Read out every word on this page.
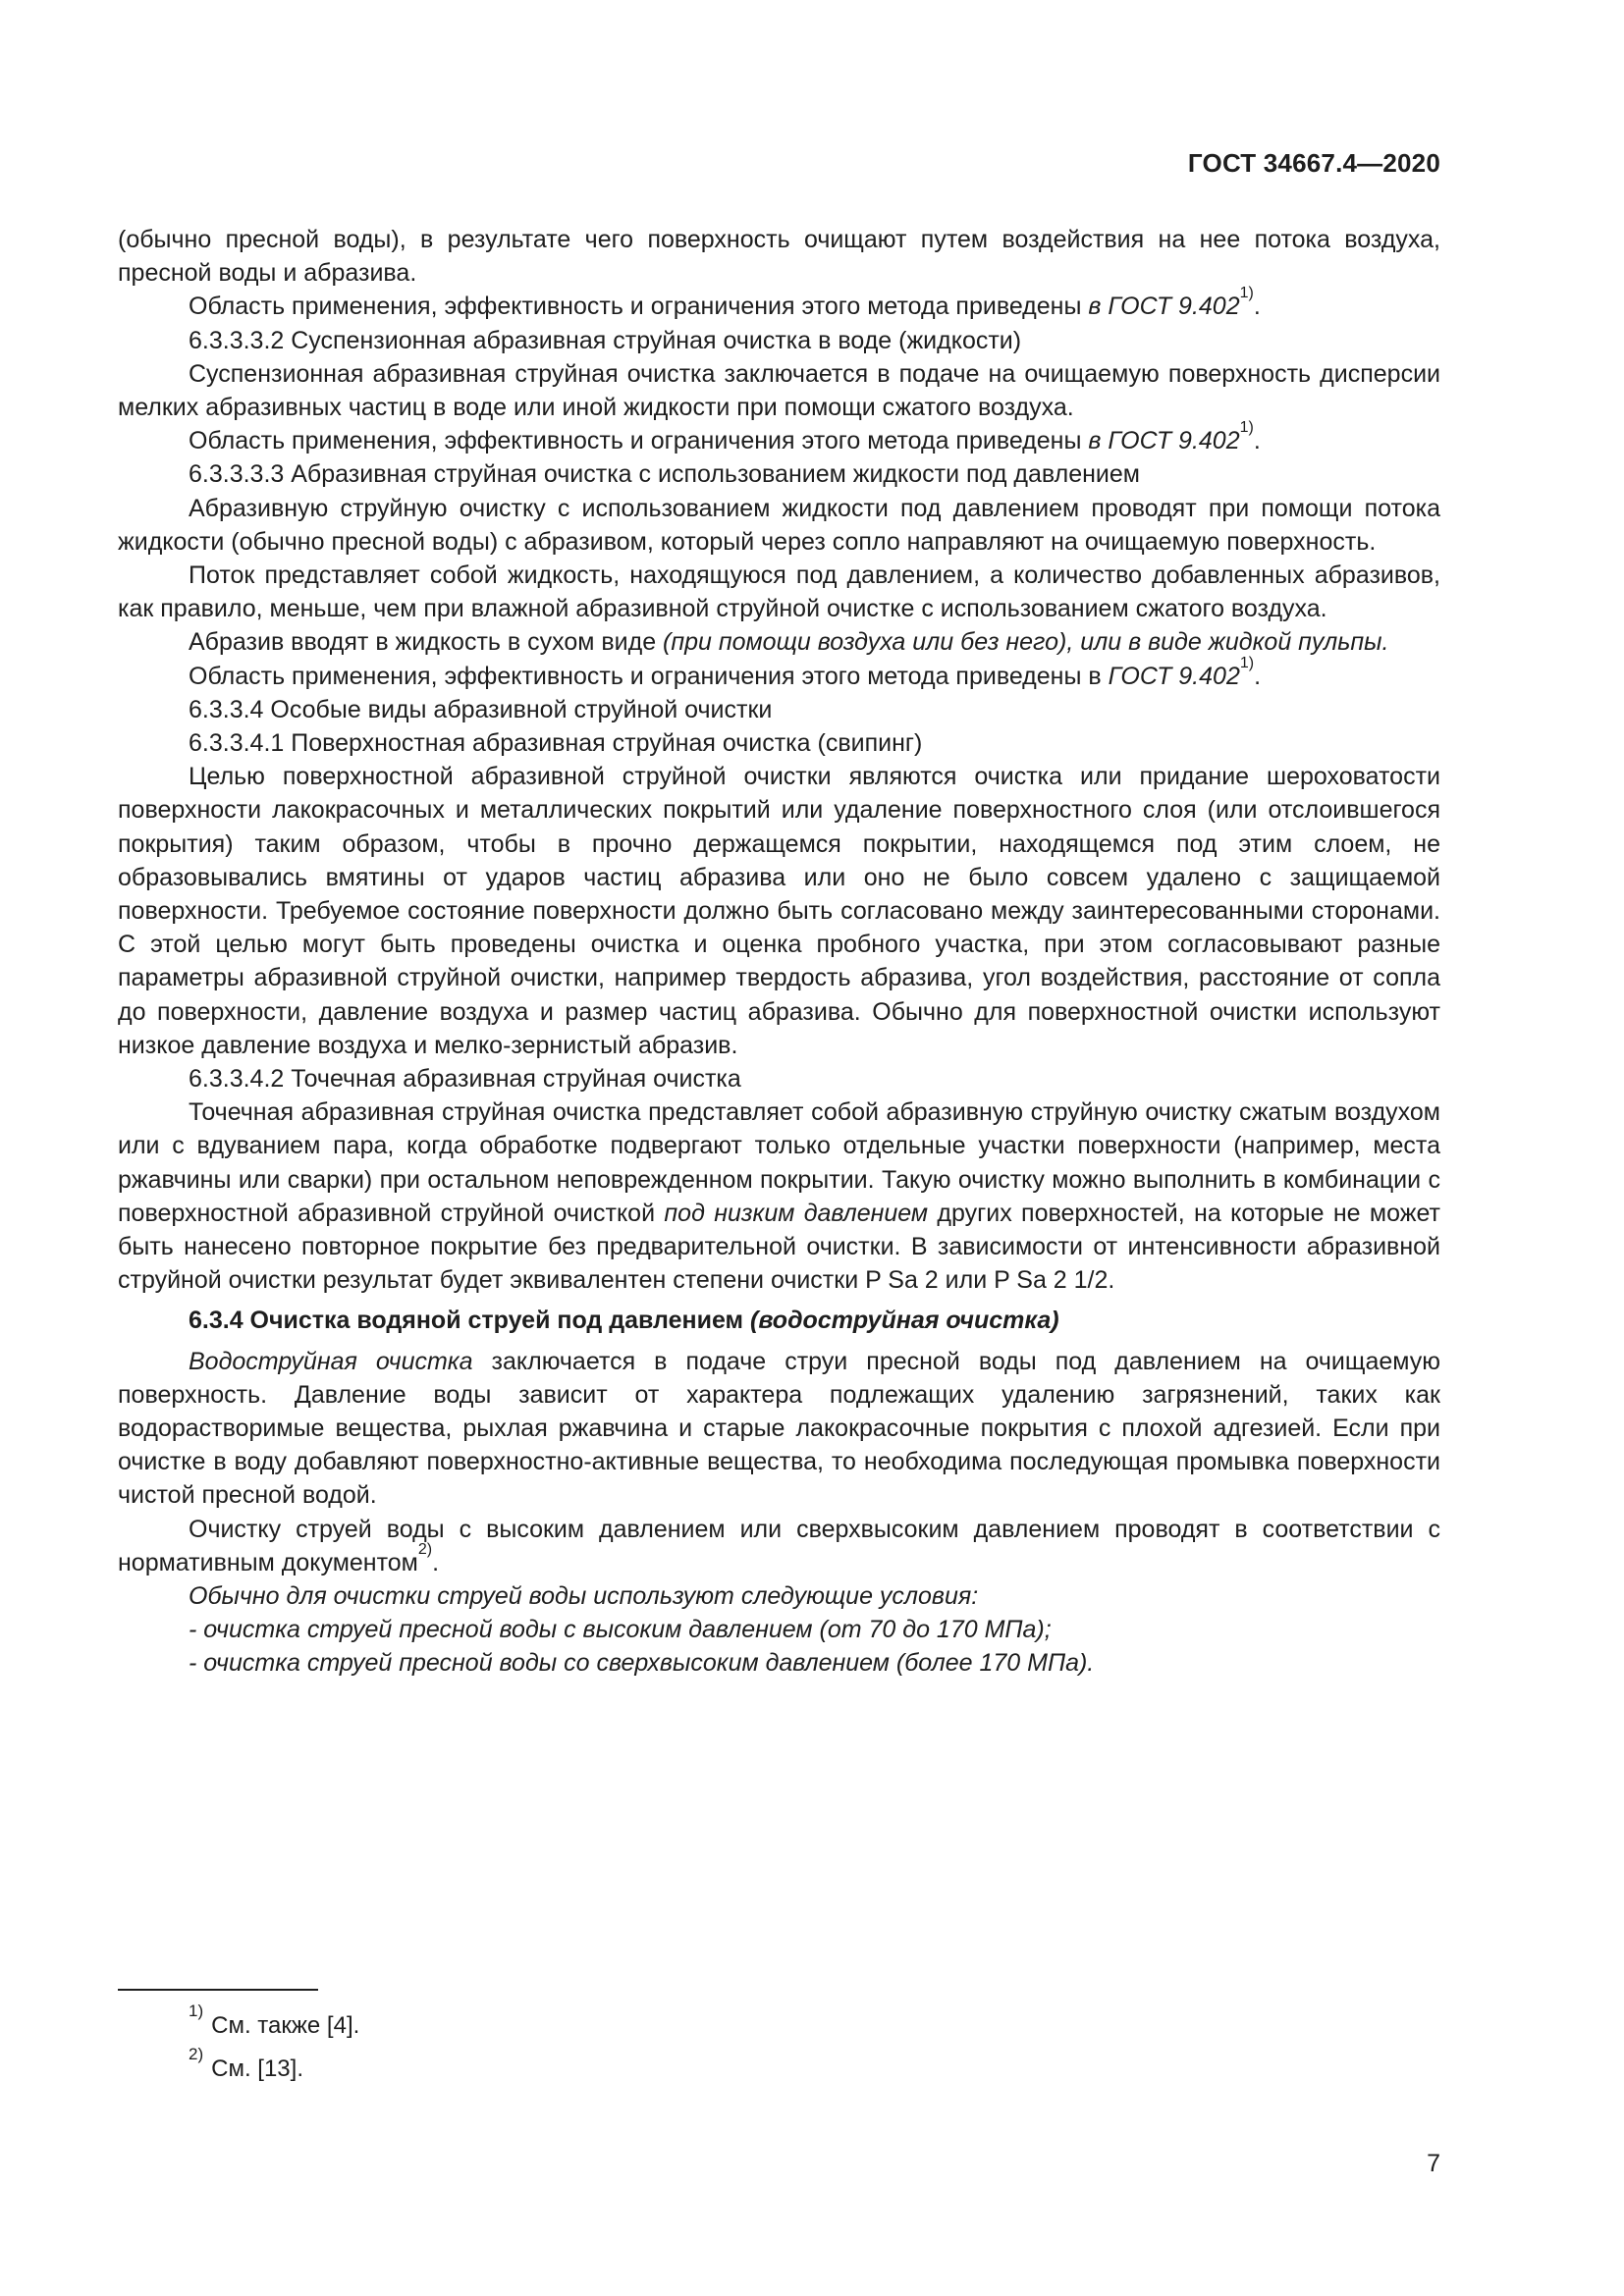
ГОСТ 34667.4—2020

(обычно пресной воды), в результате чего поверхность очищают путем воздействия на нее потока воздуха, пресной воды и абразива.

Область применения, эффективность и ограничения этого метода приведены в ГОСТ 9.402$^{1)}$.

6.3.3.3.2 Суспензионная абразивная струйная очистка в воде (жидкости)

Суспензионная абразивная струйная очистка заключается в подаче на очищаемую поверхность дисперсии мелких абразивных частиц в воде или иной жидкости при помощи сжатого воздуха.

Область применения, эффективность и ограничения этого метода приведены в ГОСТ 9.402$^{1)}$.

6.3.3.3.3 Абразивная струйная очистка с использованием жидкости под давлением

Абразивную струйную очистку с использованием жидкости под давлением проводят при помощи потока жидкости (обычно пресной воды) с абразивом, который через сопло направляют на очищаемую поверхность.

Поток представляет собой жидкость, находящуюся под давлением, а количество добавленных абразивов, как правило, меньше, чем при влажной абразивной струйной очистке с использованием сжатого воздуха.

Абразив вводят в жидкость в сухом виде (при помощи воздуха или без него), или в виде жидкой пульпы.

Область применения, эффективность и ограничения этого метода приведены в ГОСТ 9.402$^{1)}$.

6.3.3.4 Особые виды абразивной струйной очистки

6.3.3.4.1 Поверхностная абразивная струйная очистка (свипинг)

Целью поверхностной абразивной струйной очистки являются очистка или придание шероховатости поверхности лакокрасочных и металлических покрытий или удаление поверхностного слоя (или отслоившегося покрытия) таким образом, чтобы в прочно держащемся покрытии, находящемся под этим слоем, не образовывались вмятины от ударов частиц абразива или оно не было совсем удалено с защищаемой поверхности. Требуемое состояние поверхности должно быть согласовано между заинтересованными сторонами. С этой целью могут быть проведены очистка и оценка пробного участка, при этом согласовывают разные параметры абразивной струйной очистки, например твердость абразива, угол воздействия, расстояние от сопла до поверхности, давление воздуха и размер частиц абразива. Обычно для поверхностной очистки используют низкое давление воздуха и мелко-зернистый абразив.

6.3.3.4.2 Точечная абразивная струйная очистка

Точечная абразивная струйная очистка представляет собой абразивную струйную очистку сжатым воздухом или с вдуванием пара, когда обработке подвергают только отдельные участки поверхности (например, места ржавчины или сварки) при остальном неповрежденном покрытии. Такую очистку можно выполнить в комбинации с поверхностной абразивной струйной очисткой под низким давлением других поверхностей, на которые не может быть нанесено повторное покрытие без предварительной очистки. В зависимости от интенсивности абразивной струйной очистки результат будет эквивалентен степени очистки P Sa 2 или P Sa 2 1/2.

6.3.4 Очистка водяной струей под давлением (водоструйная очистка)

Водоструйная очистка заключается в подаче струи пресной воды под давлением на очищаемую поверхность. Давление воды зависит от характера подлежащих удалению загрязнений, таких как водорастворимые вещества, рыхлая ржавчина и старые лакокрасочные покрытия с плохой адгезией. Если при очистке в воду добавляют поверхностно-активные вещества, то необходима последующая промывка поверхности чистой пресной водой.

Очистку струей воды с высоким давлением или сверхвысоким давлением проводят в соответствии с нормативным документом$^{2)}$.

Обычно для очистки струей воды используют следующие условия:

- очистка струей пресной воды с высоким давлением (от 70 до 170 МПа);

- очистка струей пресной воды со сверхвысоким давлением (более 170 МПа).

$^{1)}$См. также [4].
$^{2)}$См. [13].
7
